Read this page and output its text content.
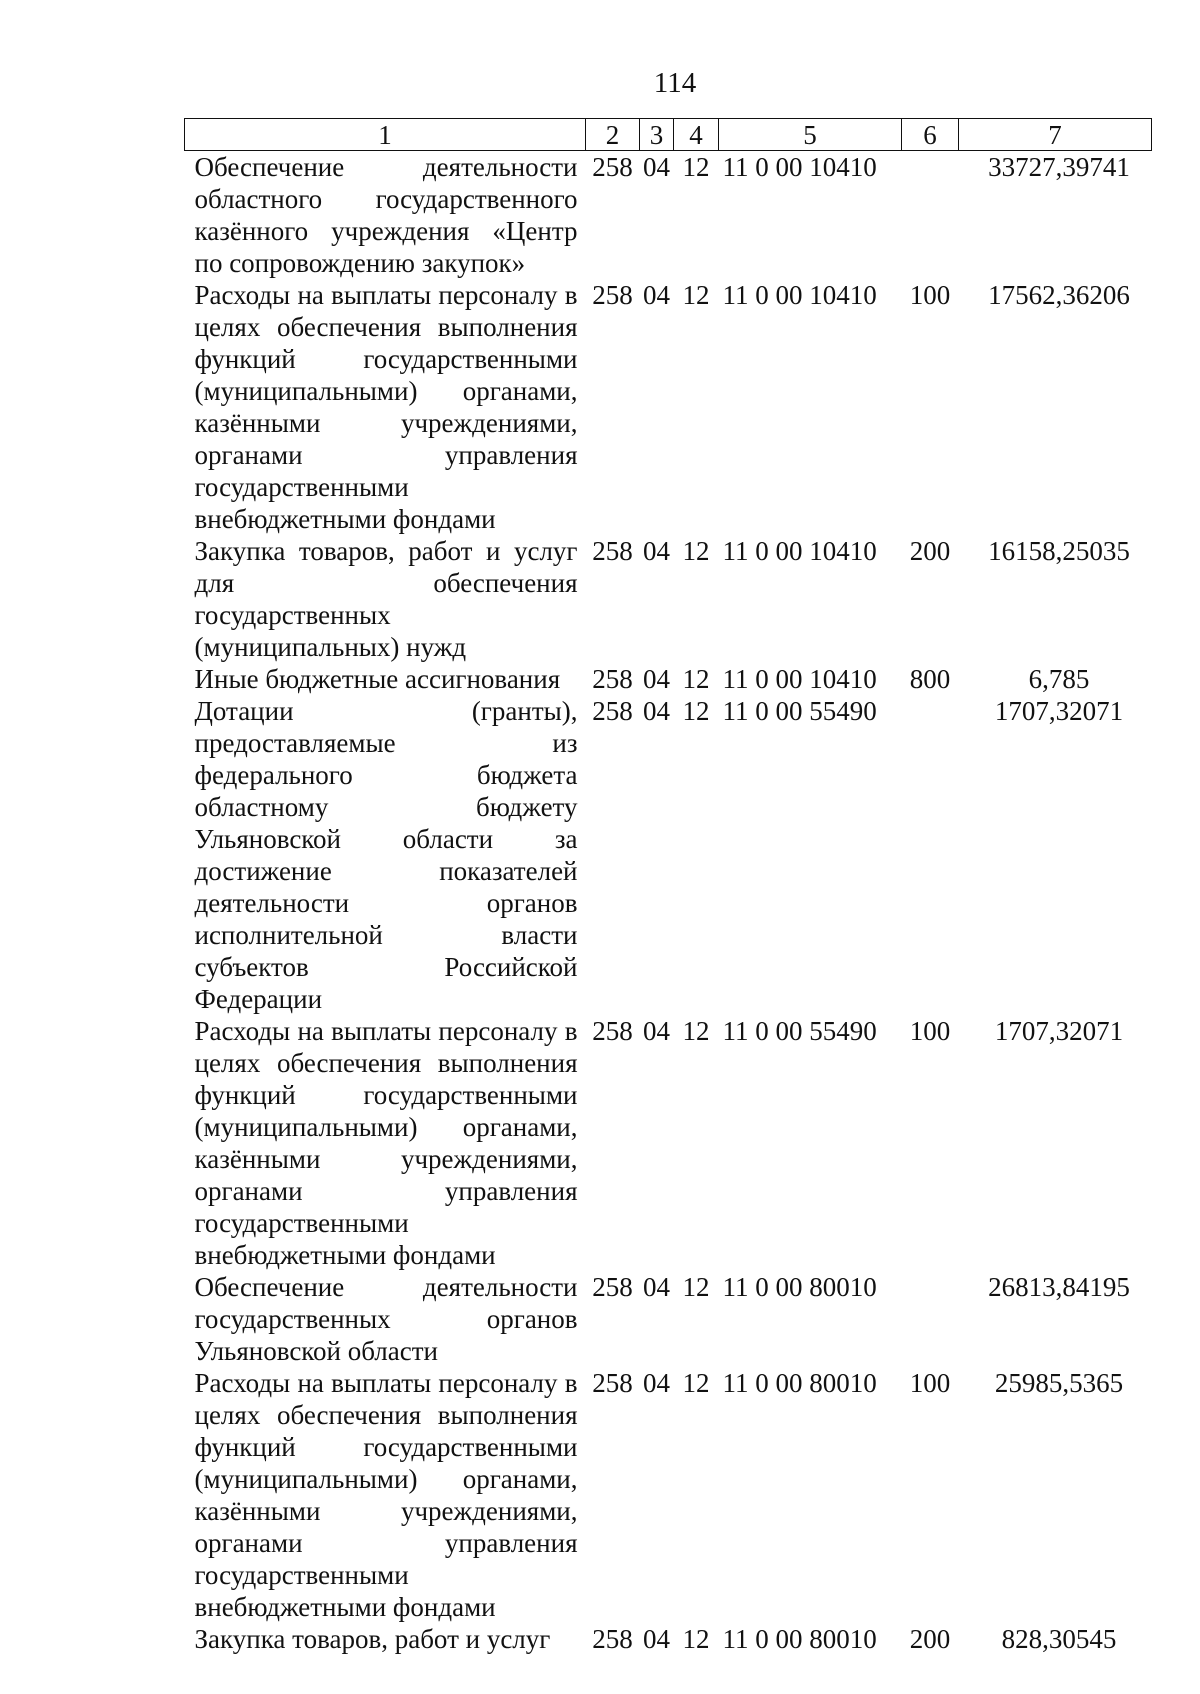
114
1	2	3	4	5	6	7
Обеспечение деятельности областного государственного казённого учреждения «Центр по сопровождению закупок»	258	04	12	11 0 00 10410		33727,39741
Расходы на выплаты персоналу в целях обеспечения выполнения функций государственными (муниципальными) органами, казёнными учреждениями, органами управления государственными внебюджетными фондами	258	04	12	11 0 00 10410	100	17562,36206
Закупка товаров, работ и услуг для обеспечения государственных (муниципальных) нужд	258	04	12	11 0 00 10410	200	16158,25035
Иные бюджетные ассигнования	258	04	12	11 0 00 10410	800	6,785
Дотации (гранты), предоставляемые из федерального бюджета областному бюджету Ульяновской области за достижение показателей деятельности органов исполнительной власти субъектов Российской Федерации	258	04	12	11 0 00 55490		1707,32071
Расходы на выплаты персоналу в целях обеспечения выполнения функций государственными (муниципальными) органами, казёнными учреждениями, органами управления государственными внебюджетными фондами	258	04	12	11 0 00 55490	100	1707,32071
Обеспечение деятельности государственных органов Ульяновской области	258	04	12	11 0 00 80010		26813,84195
Расходы на выплаты персоналу в целях обеспечения выполнения функций государственными (муниципальными) органами, казёнными учреждениями, органами управления государственными внебюджетными фондами	258	04	12	11 0 00 80010	100	25985,5365
Закупка товаров, работ и услуг	258	04	12	11 0 00 80010	200	828,30545
